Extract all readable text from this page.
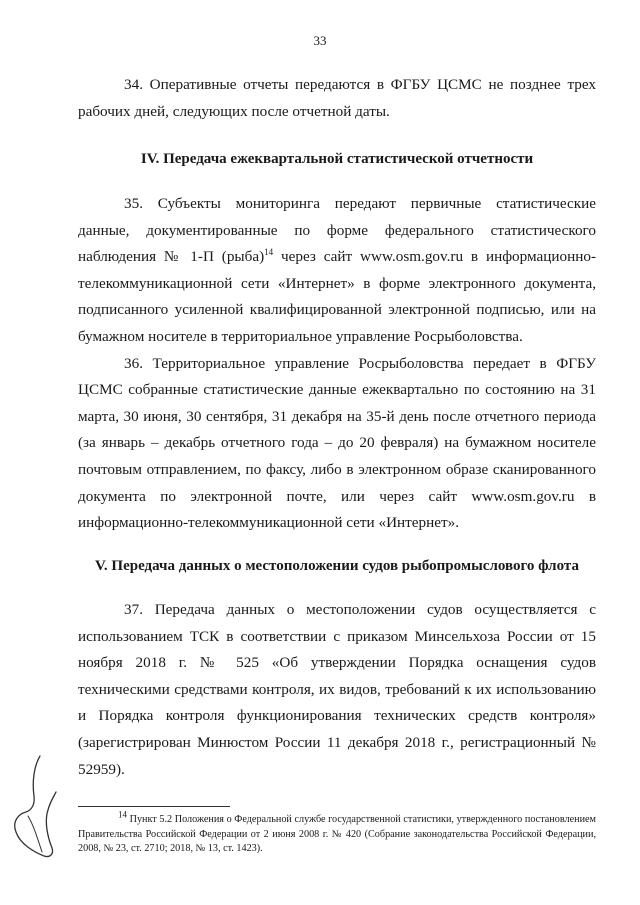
33

34. Оперативные отчеты передаются в ФГБУ ЦСМС не позднее трех рабочих дней, следующих после отчетной даты.

IV. Передача ежеквартальной статистической отчетности

35. Субъекты мониторинга передают первичные статистические данные, документированные по форме федерального статистического наблюдения № 1-П (рыба)$^{14}$ через сайт www.osm.gov.ru в информационно-телекоммуникационной сети «Интернет» в форме электронного документа, подписанного усиленной квалифицированной электронной подписью, или на бумажном носителе в территориальное управление Росрыболовства.

36. Территориальное управление Росрыболовства передает в ФГБУ ЦСМС собранные статистические данные ежеквартально по состоянию на 31 марта, 30 июня, 30 сентября, 31 декабря на 35-й день после отчетного периода (за январь – декабрь отчетного года – до 20 февраля) на бумажном носителе почтовым отправлением, по факсу, либо в электронном образе сканированного документа по электронной почте, или через сайт www.osm.gov.ru в информационно-телекоммуникационной сети «Интернет».

V. Передача данных о местоположении судов рыбопромыслового флота

37. Передача данных о местоположении судов осуществляется с использованием ТСК в соответствии с приказом Минсельхоза России от 15 ноября 2018 г. № 525 «Об утверждении Порядка оснащения судов техническими средствами контроля, их видов, требований к их использованию и Порядка контроля функционирования технических средств контроля» (зарегистрирован Минюстом России 11 декабря 2018 г., регистрационный № 52959).

$^{14}$ Пункт 5.2 Положения о Федеральной службе государственной статистики, утвержденного постановлением Правительства Российской Федерации от 2 июня 2008 г. № 420 (Собрание законодательства Российской Федерации, 2008, № 23, ст. 2710; 2018, № 13, ст. 1423).
